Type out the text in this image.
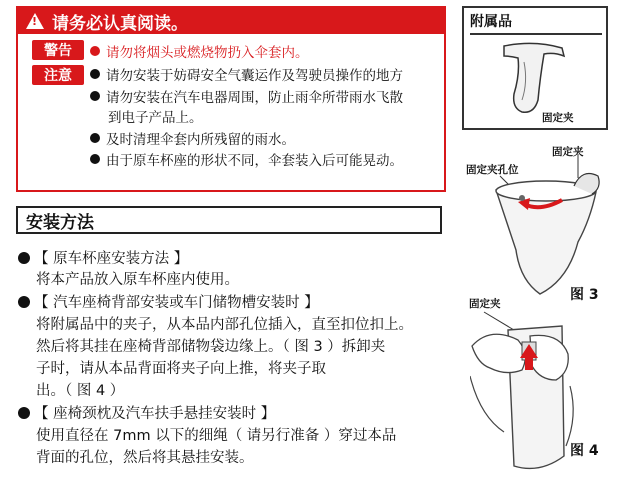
!
请务必认真阅读。
警告	请勿将烟头或燃烧物扔入伞套内。
注意	请勿安装于妨碍安全气囊运作及驾驶员操作的地方
请勿安装在汽车电器周围，防止雨伞所带雨水飞散
到电子产品上。
及时清理伞套内所残留的雨水。
由于原车杯座的形状不同，伞套装入后可能晃动。
附属品
固定夹
固定夹
固定夹孔位
图 3
固定夹
图 4
安装方法
【 原车杯座安装方法 】
将本产品放入原车杯座内使用。
【 汽车座椅背部安装或车门储物槽安装时 】
将附属品中的夹子，从本品内部孔位插入，直至扣位扣上。
然后将其挂在座椅背部储物袋边缘上。（ 图 3 ）拆卸夹
子时，请从本品背面将夹子向上推，将夹子取
出。（ 图 4 ）
【 座椅颈枕及汽车扶手悬挂安装时 】
使用直径在 7mm 以下的细绳（ 请另行准备 ）穿过本品
背面的孔位，然后将其悬挂安装。
